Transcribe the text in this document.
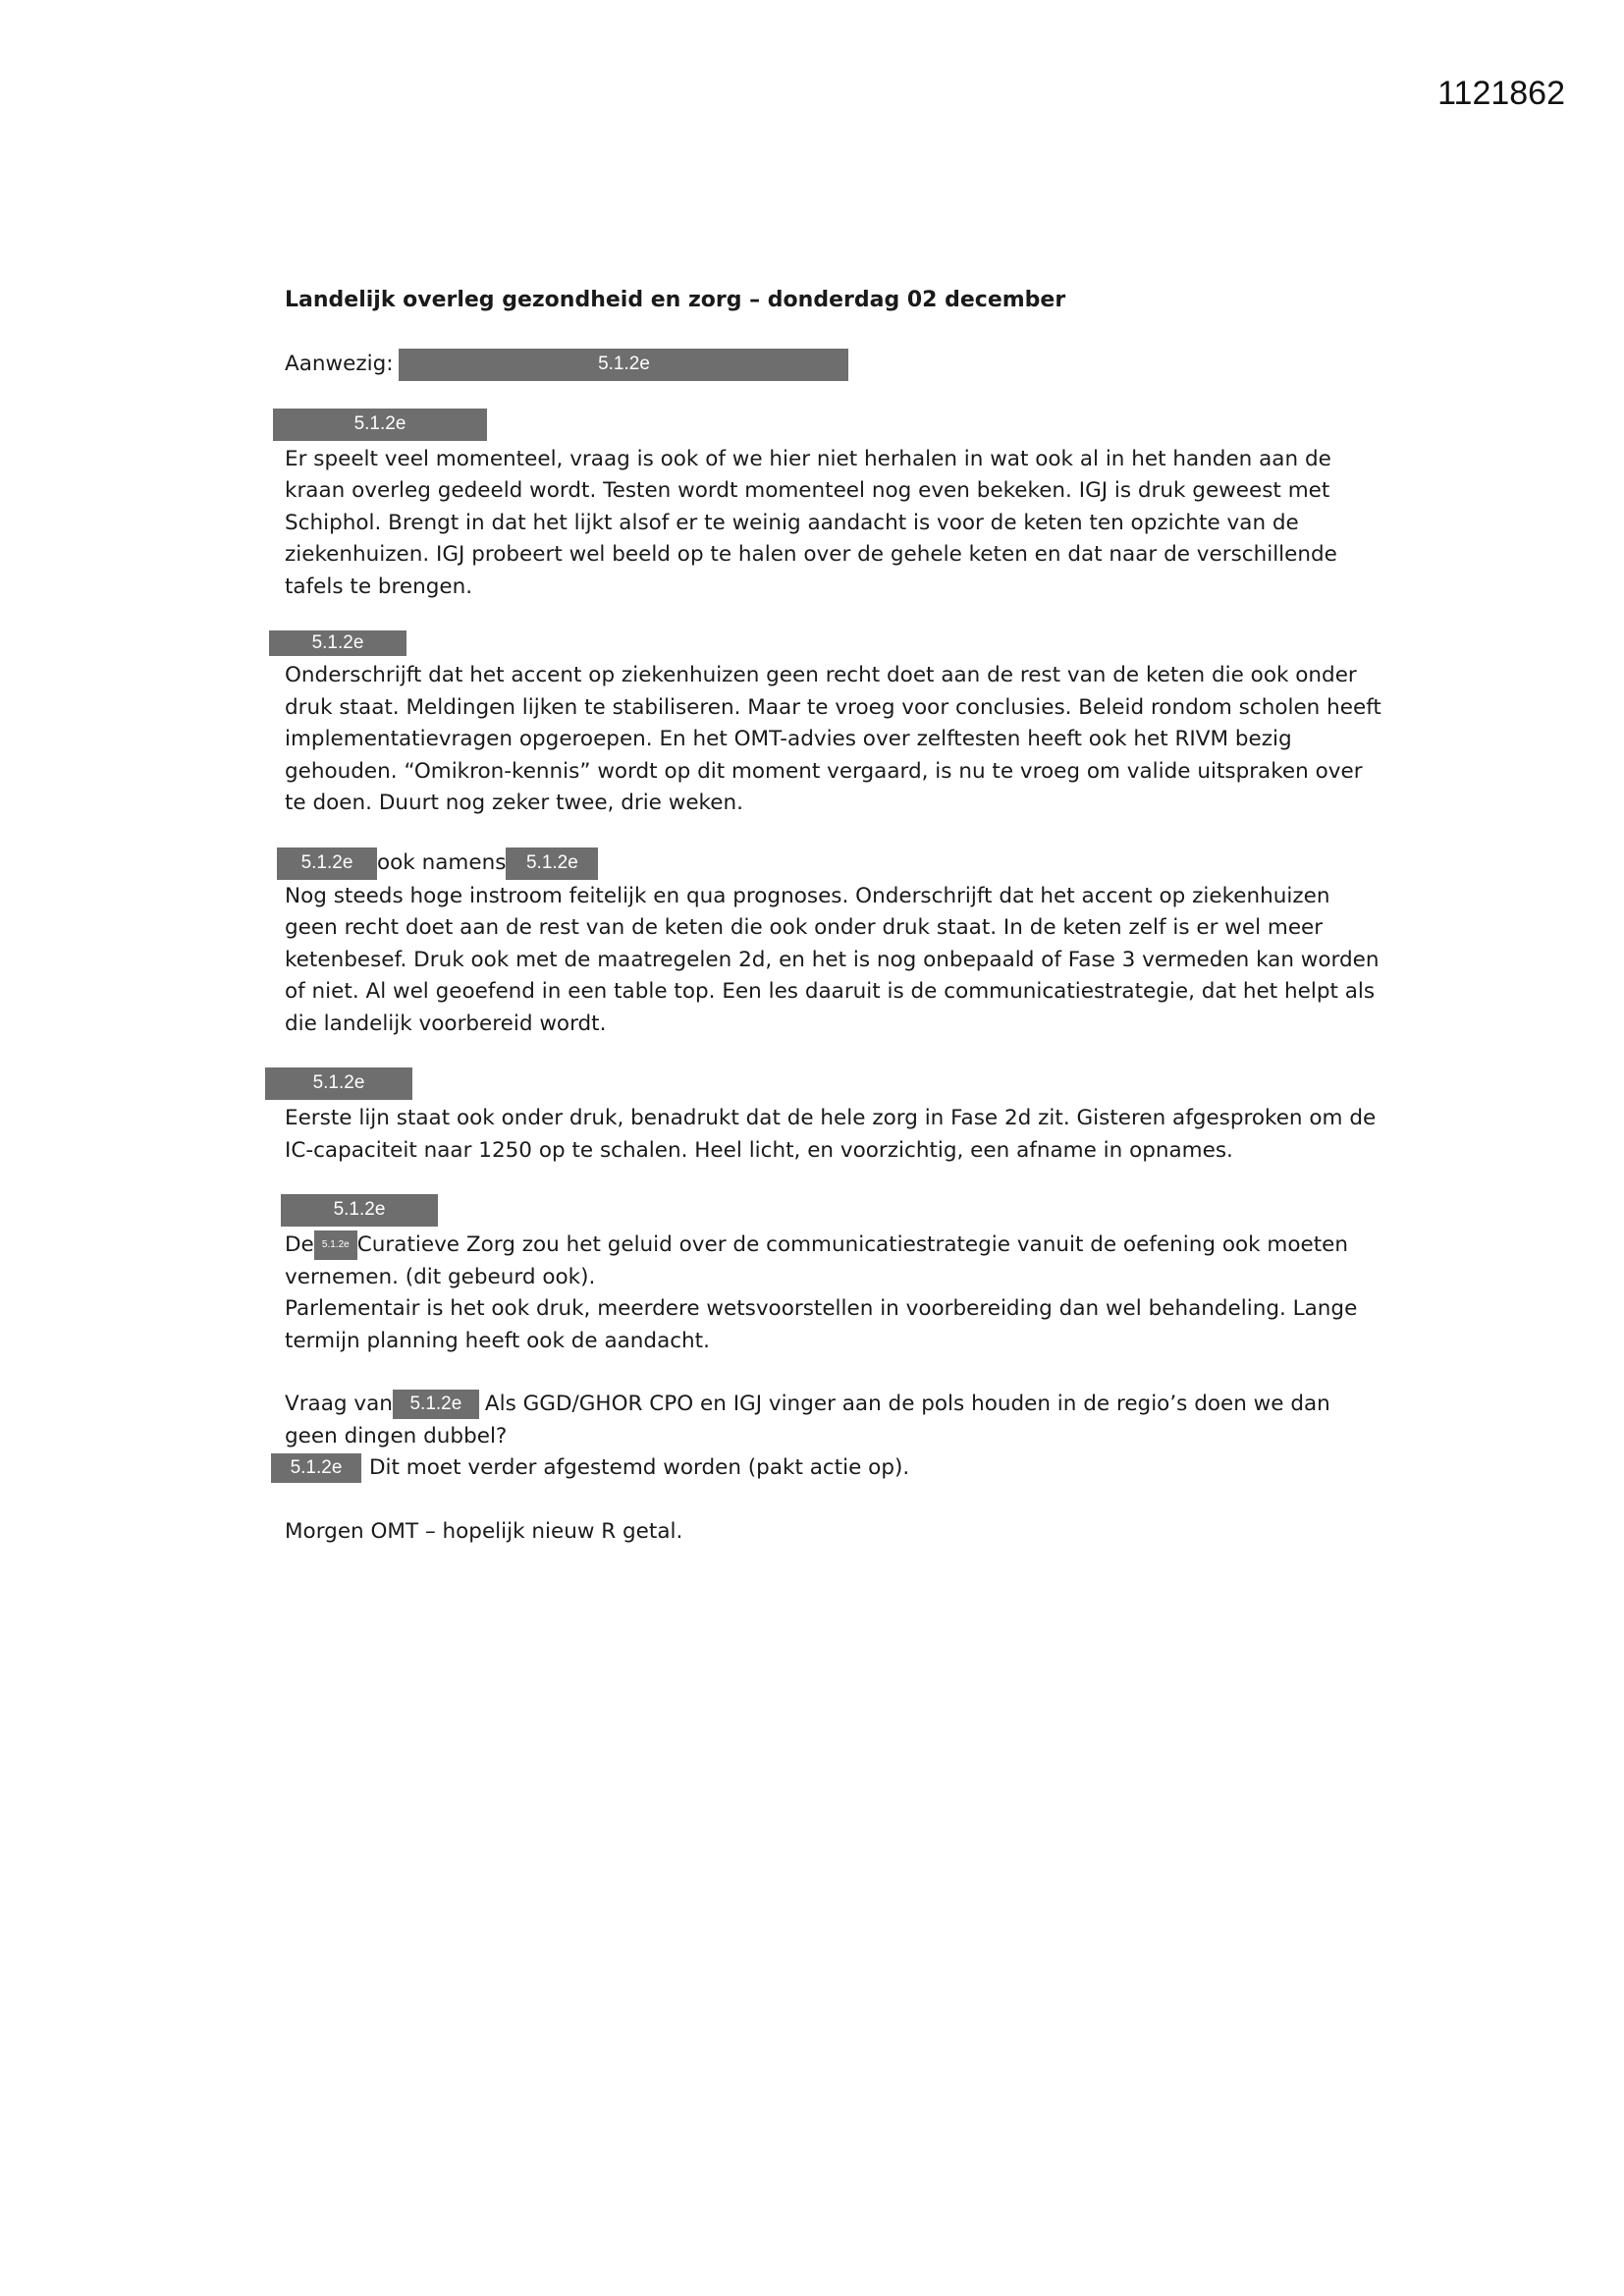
1121862

Landelijk overleg gezondheid en zorg – donderdag 02 december

Aanwezig:	5.1.2e
5.1.2e

Er speelt veel momenteel, vraag is ook of we hier niet herhalen in wat ook al in het handen aan de kraan overleg gedeeld wordt. Testen wordt momenteel nog even bekeken. IGJ is druk geweest met Schiphol. Brengt in dat het lijkt alsof er te weinig aandacht is voor de keten ten opzichte van de ziekenhuizen. IGJ probeert wel beeld op te halen over de gehele keten en dat naar de verschillende tafels te brengen.

5.1.2e

Onderschrijft dat het accent op ziekenhuizen geen recht doet aan de rest van de keten die ook onder druk staat. Meldingen lijken te stabiliseren. Maar te vroeg voor conclusies. Beleid rondom scholen heeft implementatievragen opgeroepen. En het OMT-advies over zelftesten heeft ook het RIVM bezig gehouden. “Omikron-kennis” wordt op dit moment vergaard, is nu te vroeg om valide uitspraken over te doen. Duurt nog zeker twee, drie weken.

5.1.2e	ook namens	5.1.2e

Nog steeds hoge instroom feitelijk en qua prognoses. Onderschrijft dat het accent op ziekenhuizen geen recht doet aan de rest van de keten die ook onder druk staat. In de keten zelf is er wel meer ketenbesef. Druk ook met de maatregelen 2d, en het is nog onbepaald of Fase 3 vermeden kan worden of niet. Al wel geoefend in een table top. Een les daaruit is de communicatiestrategie, dat het helpt als die landelijk voorbereid wordt.

5.1.2e

Eerste lijn staat ook onder druk, benadrukt dat de hele zorg in Fase 2d zit. Gisteren afgesproken om de IC-capaciteit naar 1250 op te schalen. Heel licht, en voorzichtig, een afname in opnames.

5.1.2e

De 5.1.2e Curatieve Zorg zou het geluid over de communicatiestrategie vanuit de oefening ook moeten vernemen. (dit gebeurd ook).

Parlementair is het ook druk, meerdere wetsvoorstellen in voorbereiding dan wel behandeling. Lange termijn planning heeft ook de aandacht.

Vraag van 5.1.2e Als GGD/GHOR CPO en IGJ vinger aan de pols houden in de regio’s doen we dan geen dingen dubbel?

5.1.2e Dit moet verder afgestemd worden (pakt actie op).

Morgen OMT – hopelijk nieuw R getal.
